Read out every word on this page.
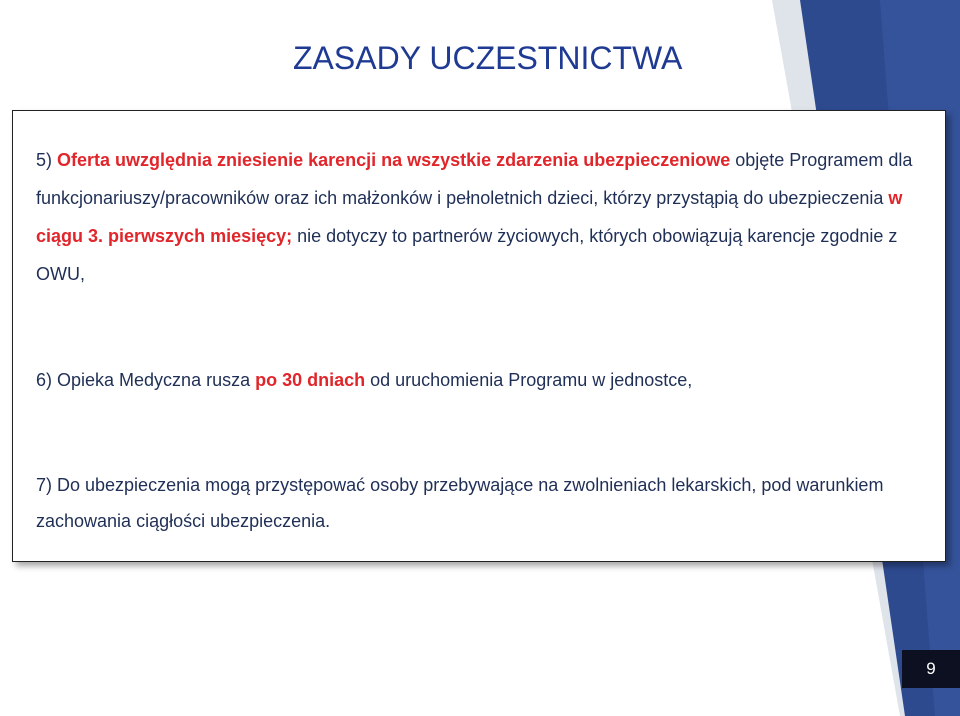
ZASADY UCZESTNICTWA

5) Oferta uwzględnia zniesienie karencji na wszystkie zdarzenia ubezpieczeniowe objęte Programem dla funkcjonariuszy/pracowników oraz ich małżonków i pełnoletnich dzieci, którzy przystąpią do ubezpieczenia w ciągu 3. pierwszych miesięcy; nie dotyczy to partnerów życiowych, których obowiązują karencje zgodnie z OWU,

6) Opieka Medyczna rusza po 30 dniach od uruchomienia Programu w jednostce,

7) Do ubezpieczenia mogą przystępować osoby przebywające na zwolnieniach lekarskich, pod warunkiem zachowania ciągłości ubezpieczenia.

9
